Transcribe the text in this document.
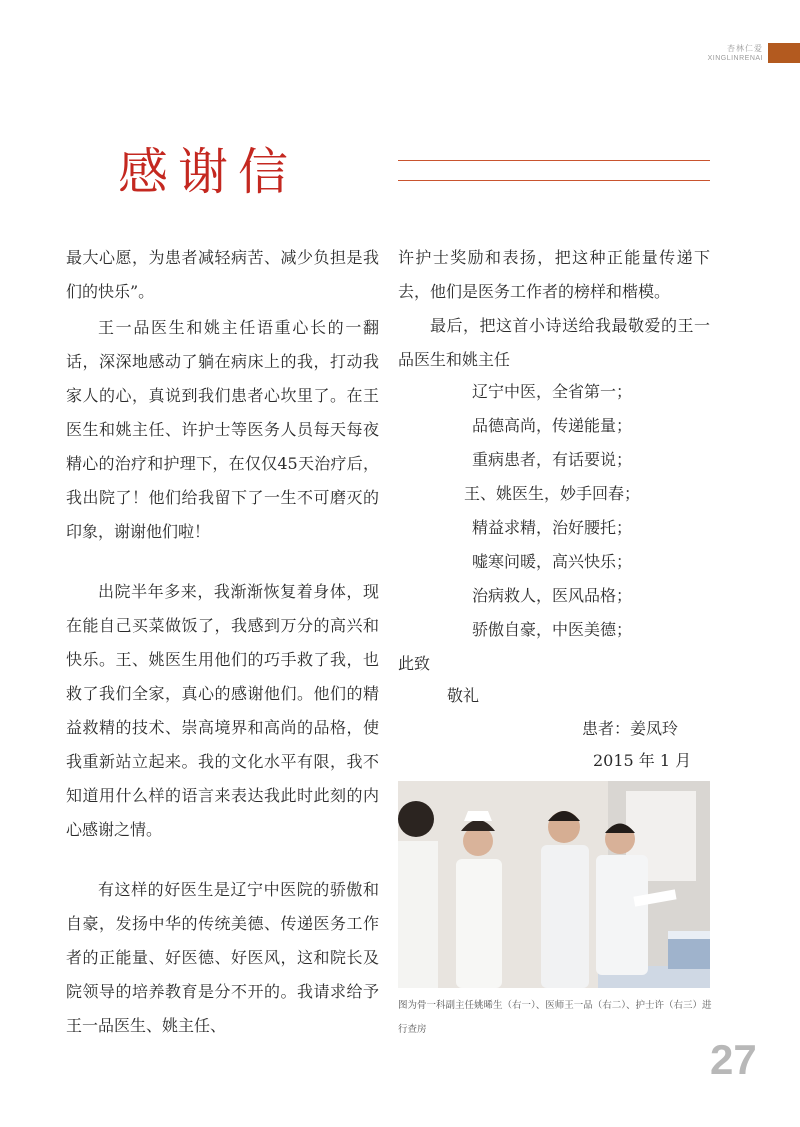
杏林仁爱
XINGLINRENAI
感谢信

最大心愿，为患者减轻病苦、减少负担是我们的快乐”。

王一品医生和姚主任语重心长的一翻话，深深地感动了躺在病床上的我，打动我家人的心，真说到我们患者心坎里了。在王医生和姚主任、许护士等医务人员每天每夜精心的治疗和护理下，在仅仅45天治疗后，我出院了！他们给我留下了一生不可磨灭的印象，谢谢他们啦！

出院半年多来，我渐渐恢复着身体，现在能自己买菜做饭了，我感到万分的高兴和快乐。王、姚医生用他们的巧手救了我，也救了我们全家，真心的感谢他们。他们的精益救精的技术、崇高境界和高尚的品格，使我重新站立起来。我的文化水平有限，我不知道用什么样的语言来表达我此时此刻的内心感谢之情。

有这样的好医生是辽宁中医院的骄傲和自豪，发扬中华的传统美德、传递医务工作者的正能量、好医德、好医风，这和院长及院领导的培养教育是分不开的。我请求给予王一品医生、姚主任、

许护士奖励和表扬，把这种正能量传递下去，他们是医务工作者的榜样和楷模。

最后，把这首小诗送给我最敬爱的王一品医生和姚主任

辽宁中医，全省第一；
品德高尚，传递能量；
重病患者，有话要说；
王、姚医生，妙手回春；
精益求精，治好腰托；
嘘寒问暖，高兴快乐；
治病救人，医风品格；
骄傲自豪，中医美德；
此致
敬礼
患者：姜凤玲
2015 年 1 月
图为骨一科副主任姚晞生（右一）、医师王一品（右二）、护士许（右三）进行查房
27
